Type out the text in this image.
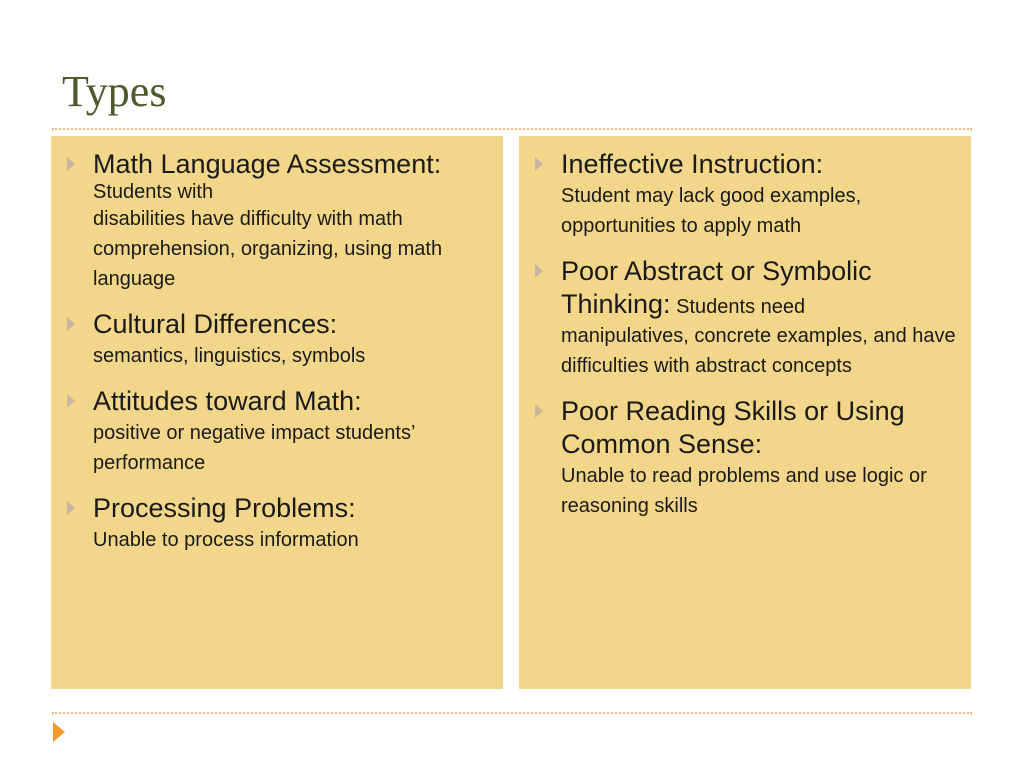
Types
Math Language Assessment: Students with
disabilities have difficulty with math comprehension, organizing, using math language
Cultural Differences:
semantics, linguistics, symbols
Attitudes toward Math:
positive or negative impact students’ performance
Processing Problems:
Unable to process information
Ineffective Instruction:
Student may lack good examples, opportunities to apply math
Poor Abstract or Symbolic Thinking: Students need
manipulatives, concrete examples, and have difficulties with abstract concepts
Poor Reading Skills or Using Common Sense:
Unable to read problems and use logic or reasoning skills
